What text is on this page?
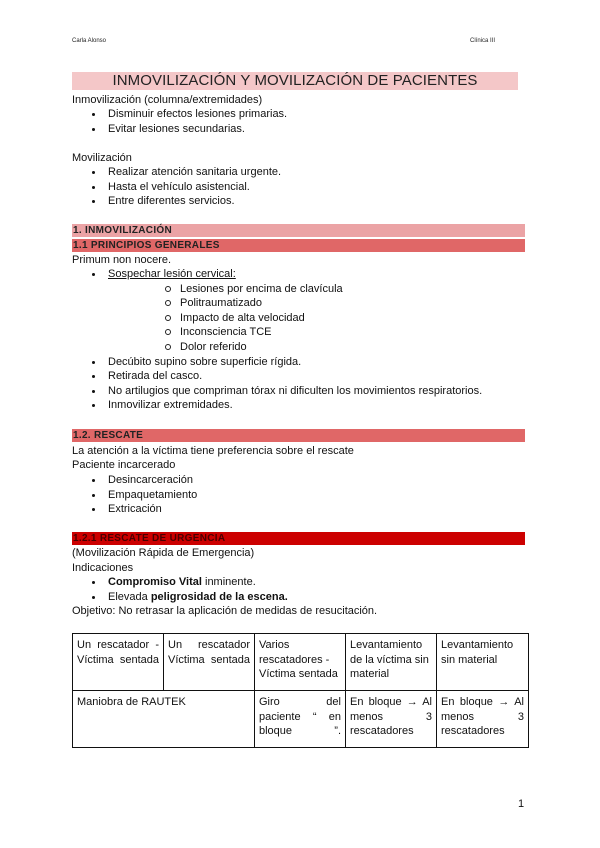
Carla Alonso	Clínica III
INMOVILIZACIÓN Y MOVILIZACIÓN DE PACIENTES
Inmovilización (columna/extremidades)
Disminuir efectos lesiones primarias.
Evitar lesiones secundarias.
Movilización
Realizar atención sanitaria urgente.
Hasta el vehículo asistencial.
Entre diferentes servicios.
1. INMOVILIZACIÓN
1.1 PRINCIPIOS GENERALES
Primum non nocere.
Sospechar lesión cervical:
Lesiones por encima de clavícula
Politraumatizado
Impacto de alta velocidad
Inconsciencia TCE
Dolor referido
Decúbito supino sobre superficie rígida.
Retirada del casco.
No artilugios que compriman tórax ni dificulten los movimientos respiratorios.
Inmovilizar extremidades.
1.2. RESCATE
La atención a la víctima tiene preferencia sobre el rescate
Paciente incarcerado
Desincarceración
Empaquetamiento
Extricación
1.2.1 RESCATE DE URGENCIA
(Movilización Rápida de Emergencia)
Indicaciones
Compromiso Vital inminente.
Elevada peligrosidad de la escena.
Objetivo: No retrasar la aplicación de medidas de resucitación.
Un rescatador - Víctima sentada	Un rescatador Víctima sentada	Varios rescatadores - Víctima sentada	Levantamiento de la víctima sin material	Levantamiento sin material
Maniobra de RAUTEK		Giro del paciente “ en bloque ”.	En bloque → Al menos 3 rescatadores	En bloque → Al menos 3 rescatadores
1
